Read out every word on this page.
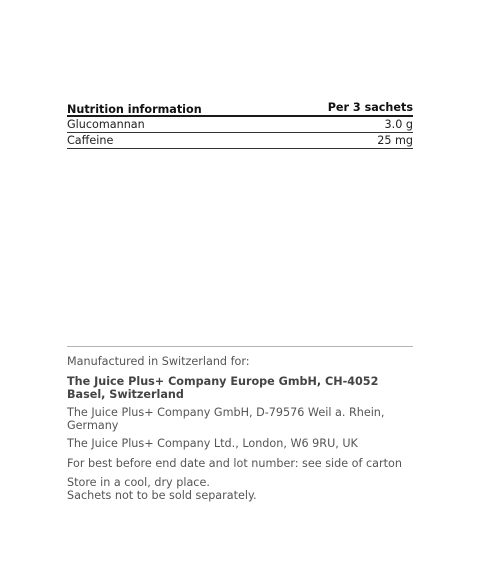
Nutrition information	Per 3 sachets
Glucomannan	3.0 g
Caffeine	25 mg

Manufactured in Switzerland for:

The Juice Plus+ Company Europe GmbH, CH-4052 Basel, Switzerland

The Juice Plus+ Company GmbH, D-79576 Weil a. Rhein, Germany

The Juice Plus+ Company Ltd., London, W6 9RU, UK

For best before end date and lot number: see side of carton

Store in a cool, dry place.

Sachets not to be sold separately.
